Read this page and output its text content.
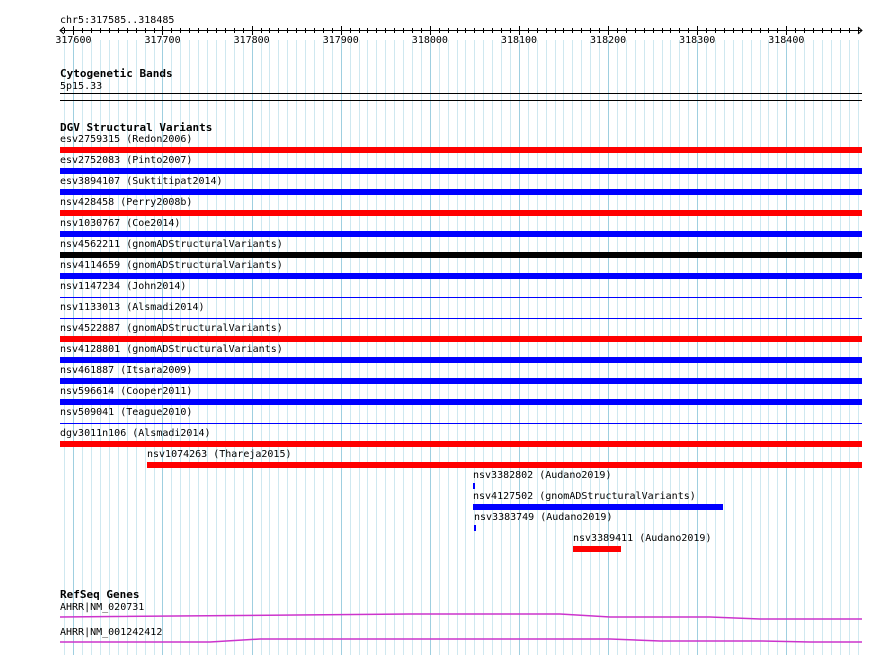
chr5:317585..318485
317600	317700	317800	317900	318000	318100	318200	318300	318400
Cytogenetic Bands
5p15.33
DGV Structural Variants
esv2759315 (Redon2006)
esv2752083 (Pinto2007)
esv3894107 (Suktitipat2014)
nsv428458 (Perry2008b)
nsv1030767 (Coe2014)
nsv4562211 (gnomADStructuralVariants)
nsv4114659 (gnomADStructuralVariants)
nsv1147234 (John2014)
nsv1133013 (Alsmadi2014)
nsv4522887 (gnomADStructuralVariants)
nsv4128801 (gnomADStructuralVariants)
nsv461887 (Itsara2009)
nsv596614 (Cooper2011)
nsv509041 (Teague2010)
dgv3011n106 (Alsmadi2014)
nsv1074263 (Thareja2015)
nsv3382802 (Audano2019)
nsv4127502 (gnomADStructuralVariants)
nsv3383749 (Audano2019)
nsv3389411 (Audano2019)
RefSeq Genes
AHRR|NM_020731
AHRR|NM_001242412
